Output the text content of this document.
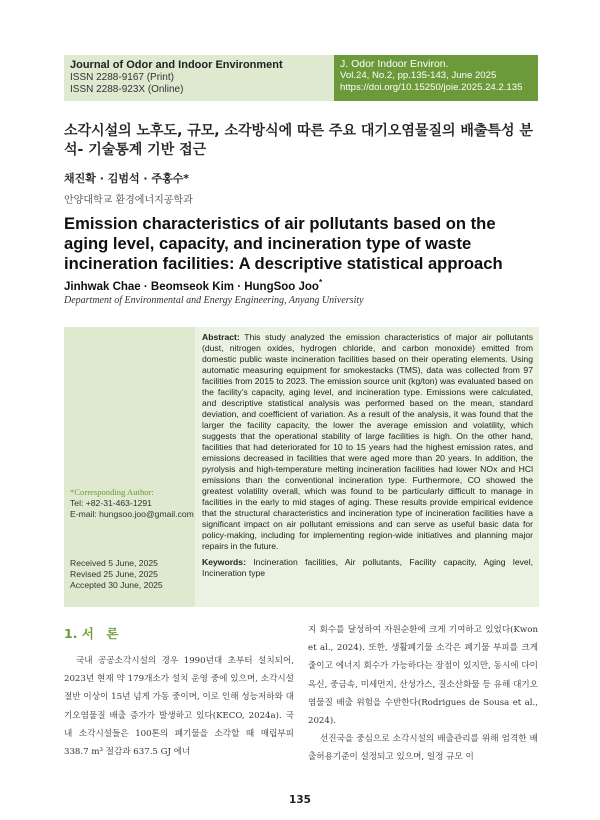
Journal of Odor and Indoor Environment
ISSN 2288-9167 (Print)
ISSN 2288-923X (Online)
J. Odor Indoor Environ.
Vol.24, No.2, pp.135-143, June 2025
https://doi.org/10.15250/joie.2025.24.2.135
소각시설의 노후도, 규모, 소각방식에 따른 주요 대기오염물질의 배출특성 분석- 기술통계 기반 접근
채진확 · 김범석 · 주홍수*
안양대학교 환경에너지공학과
Emission characteristics of air pollutants based on the aging level, capacity, and incineration type of waste incineration facilities: A descriptive statistical approach
Jinhwak Chae · Beomseok Kim · HungSoo Joo*
Department of Environmental and Energy Engineering, Anyang University
*Corresponding Author:
Tel: +82-31-463-1291
E-mail: hungsoo.joo@gmail.com
Received 5 June, 2025
Revised 25 June, 2025
Accepted 30 June, 2025

Abstract: This study analyzed the emission characteristics of major air pollutants (dust, nitrogen oxides, hydrogen chloride, and carbon monoxide) emitted from domestic public waste incineration facilities based on their operating elements. Using automatic measuring equipment for smokestacks (TMS), data was collected from 97 facilities from 2015 to 2023. The emission source unit (kg/ton) was evaluated based on the facility’s capacity, aging level, and incineration type. Emissions were calculated, and descriptive statistical analysis was performed based on the mean, standard deviation, and coefficient of variation. As a result of the analysis, it was found that the larger the facility capacity, the lower the average emission and volatility, which suggests that the operational stability of large facilities is high. On the other hand, facilities that had deteriorated for 10 to 15 years had the highest emission rates, and emissions decreased in facilities that were aged more than 20 years. In addition, the pyrolysis and high-temperature melting incineration facilities had lower NOx and HCl emissions than the conventional incineration type. Furthermore, CO showed the greatest volatility overall, which was found to be particularly difficult to manage in facilities in the early to mid stages of aging. These results provide empirical evidence that the structural characteristics and incineration type of incineration facilities have a significant impact on air pollutant emissions and can serve as useful basic data for policy-making, including for implementing region-wide initiatives and planning major repairs in the future.

Keywords: Incineration facilities, Air pollutants, Facility capacity, Aging level, Incineration type

1. 서　론

국내 공공소각시설의 경우 1990년대 초부터 설치되어, 2023년 현재 약 179개소가 설치 운영 중에 있으며, 소각시설 절반 이상이 15년 넘게 가동 중이며, 이로 인해 성능저하와 대기오염물질 배출 증가가 발생하고 있다(KECO, 2024a). 국내 소각시설들은 100톤의 폐기물을 소각할 때 매립부피 338.7 m³ 절감과 637.5 GJ 에너

지 회수를 달성하여 자원순환에 크게 기여하고 있었다(Kwon et al., 2024). 또한, 생활폐기물 소각은 폐기물 부피를 크게 줄이고 에너지 회수가 가능하다는 장점이 있지만, 동시에 다이옥신, 중금속, 미세먼지, 산성가스, 질소산화물 등 유해 대기오염물질 배출 위험을 수반한다(Rodrigues de Sousa et al., 2024).

선진국을 중심으로 소각시설의 배출관리를 위해 엄격한 배출허용기준이 설정되고 있으며, 일정 규모 이

135
